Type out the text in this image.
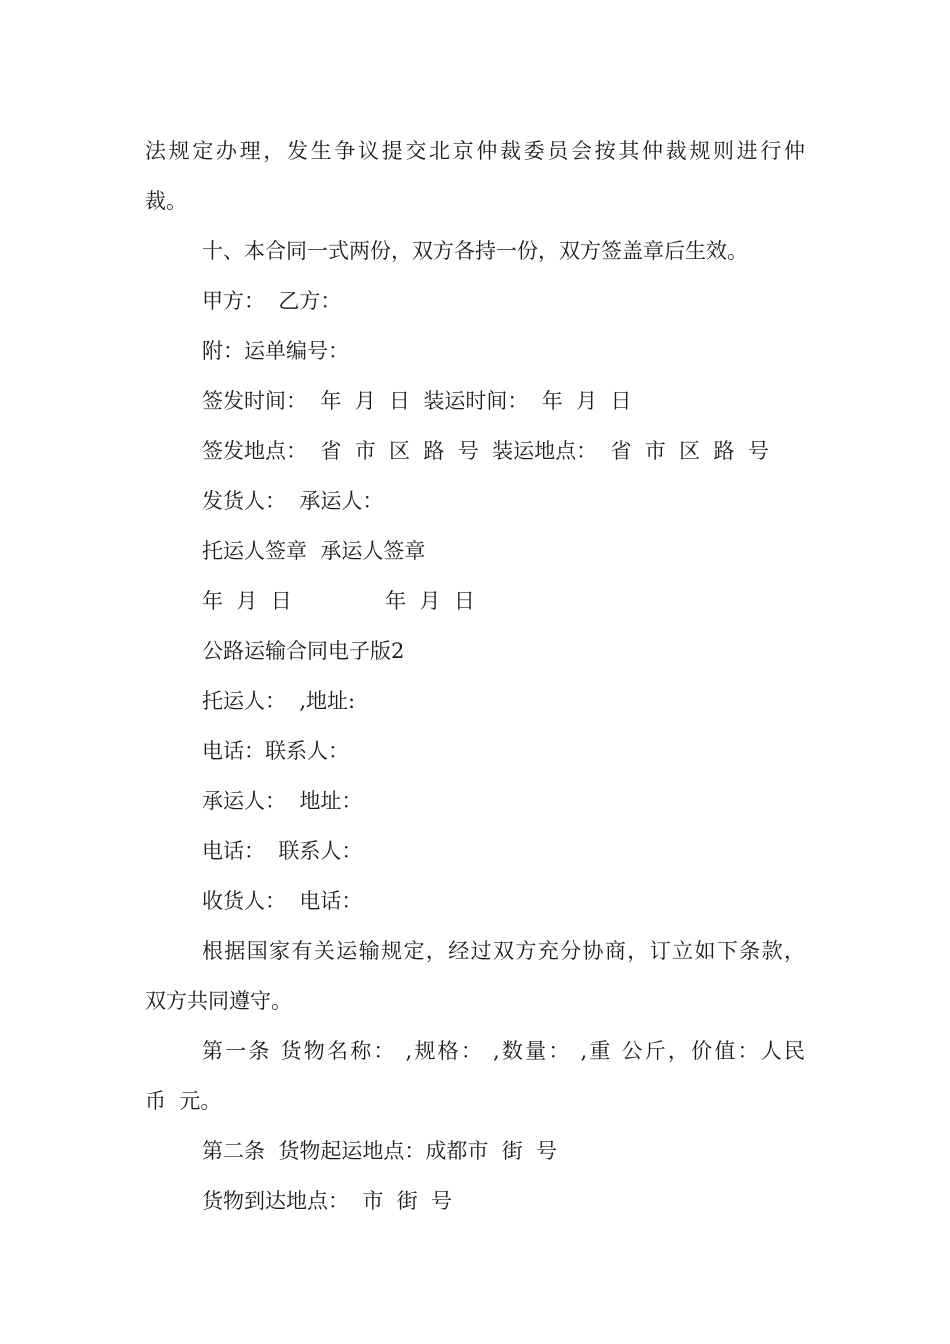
法规定办理，发生争议提交北京仲裁委员会按其仲裁规则进行仲

裁。

十、本合同一式两份，双方各持一份，双方签盖章后生效。

甲方：  乙方：

附：运单编号：

签发时间：  年  月  日  装运时间：  年  月  日

签发地点：  省  市  区  路  号  装运地点：  省  市  区  路  号

发货人：  承运人：

托运人签章  承运人签章

年  月  日              年  月  日

公路运输合同电子版2

托运人：  ,地址:

电话：联系人：

承运人：  地址：

电话：  联系人：

收货人：  电话：

根据国家有关运输规定，经过双方充分协商，订立如下条款，

双方共同遵守。

第一条 货物名称： ,规格： ,数量： ,重 公斤，价值：人民

币  元。

第二条  货物起运地点：成都市  街  号

货物到达地点：  市  街  号
